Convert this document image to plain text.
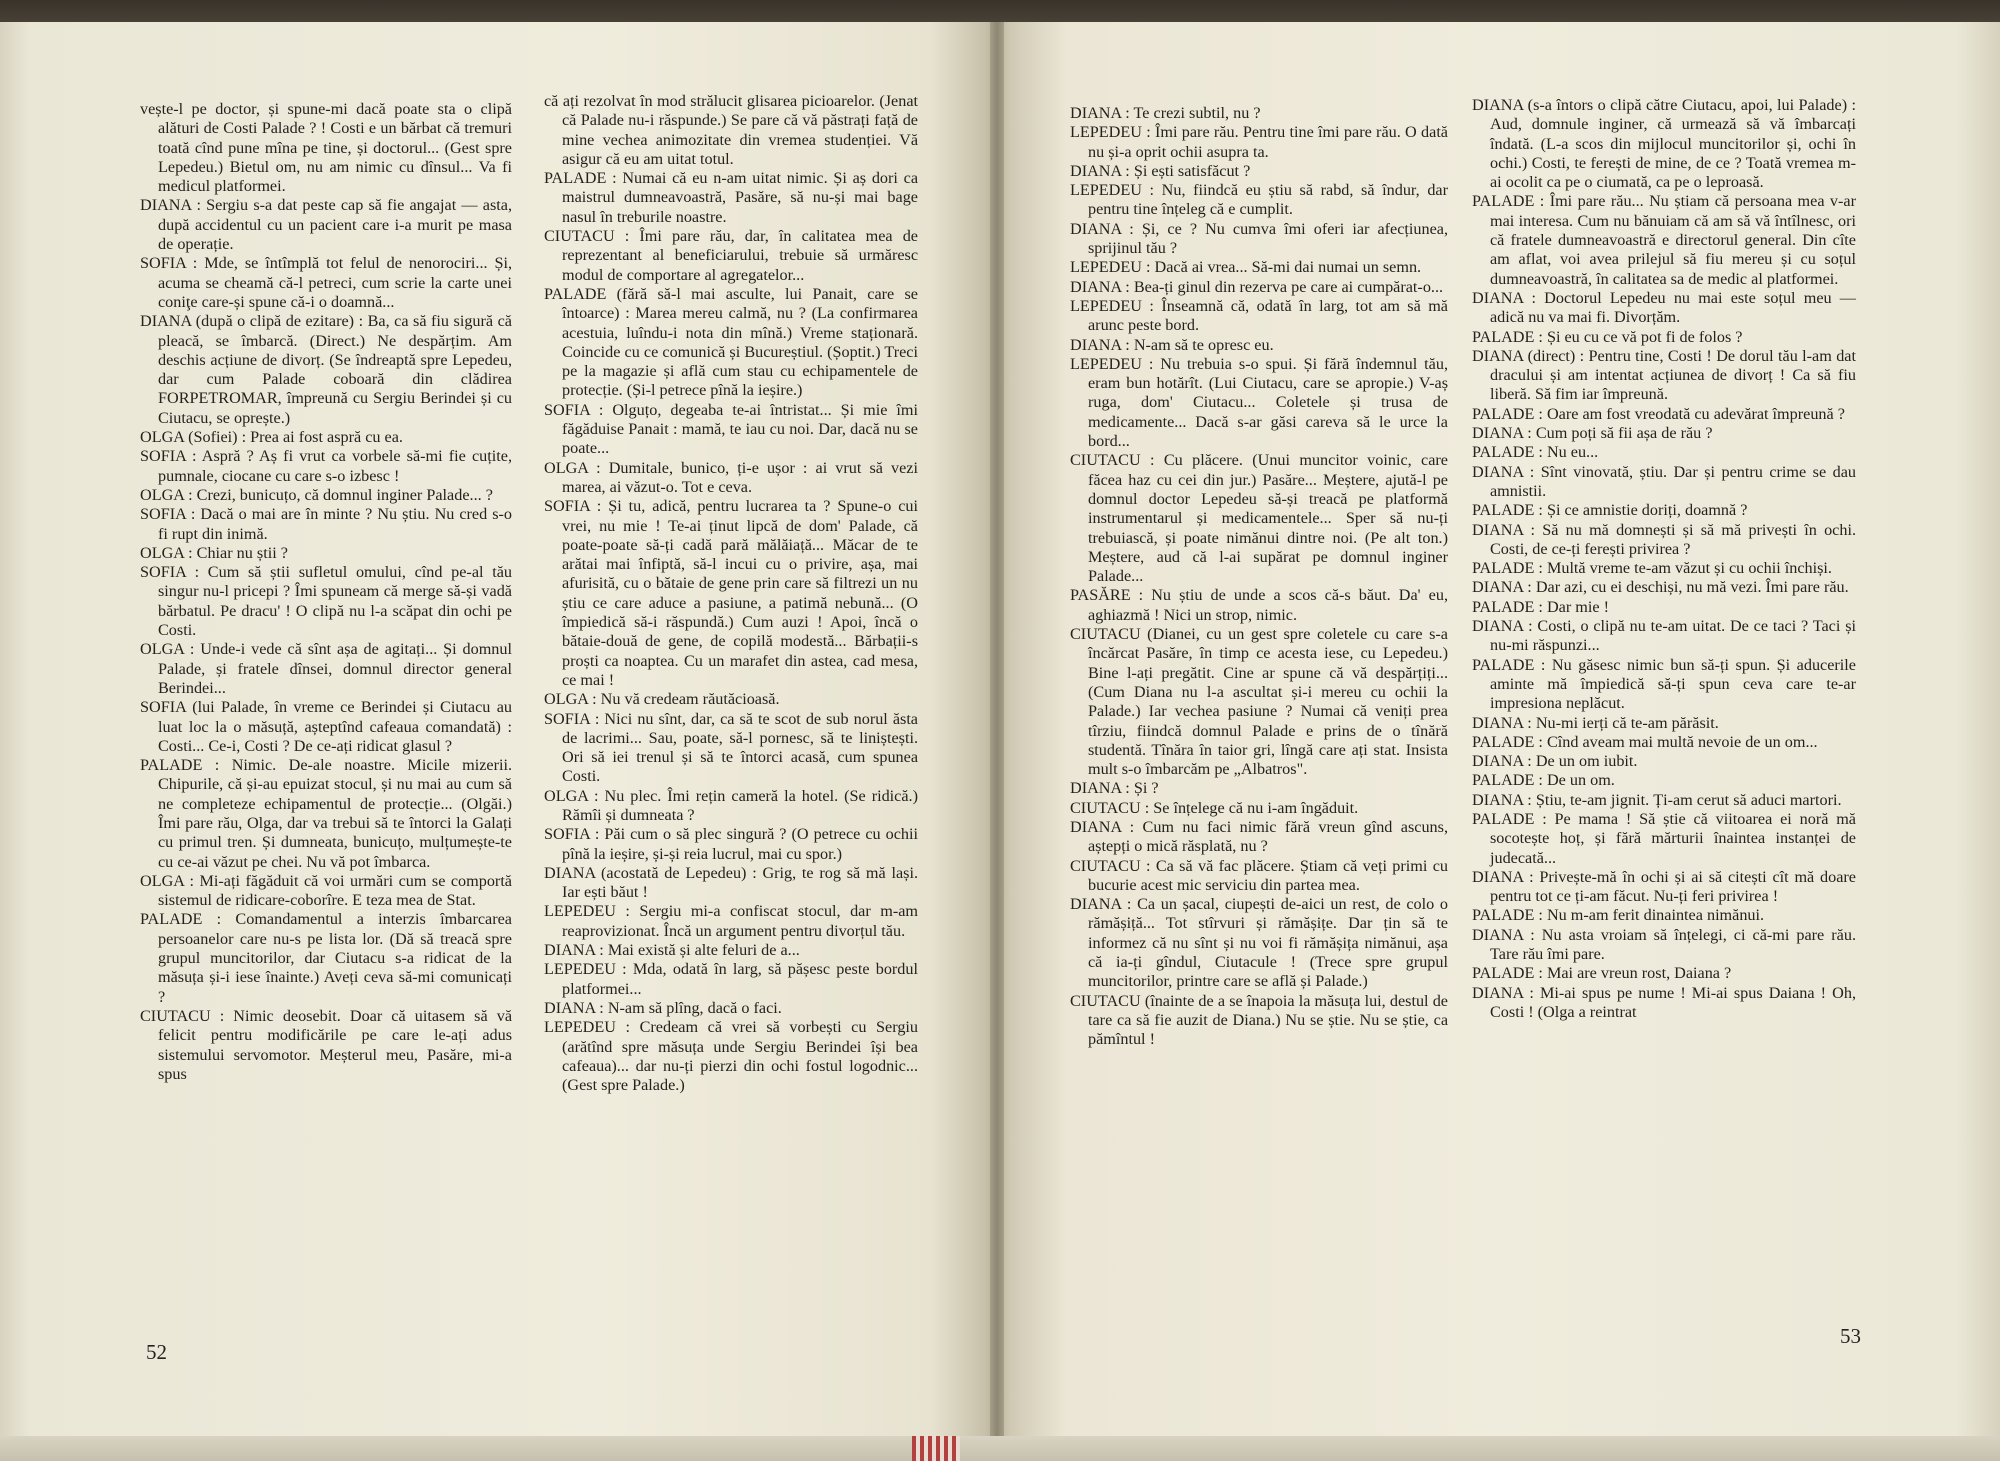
vește-l pe doctor, și spune-mi dacă poate sta o clipă alături de Costi Palade ? ! Costi e un bărbat că tremuri toată cînd pune mîna pe tine, și doctorul... (Gest spre Lepedeu.) Bietul om, nu am nimic cu dînsul... Va fi medicul platformei.

DIANA : Sergiu s-a dat peste cap să fie angajat — asta, după accidentul cu un pacient care i-a murit pe masa de operație.

SOFIA : Mde, se întîmplă tot felul de nenorociri... Și, acuma se cheamă că-l petreci, cum scrie la carte unei coniţe care-și spune că-i o doamnă...

DIANA (după o clipă de ezitare) : Ba, ca să fiu sigură că pleacă, se îmbarcă. (Direct.) Ne despărțim. Am deschis acțiune de divorț. (Se îndreaptă spre Lepedeu, dar cum Palade coboară din clădirea FORPETROMAR, împreună cu Sergiu Berindei și cu Ciutacu, se oprește.)

OLGA (Sofiei) : Prea ai fost aspră cu ea.

SOFIA : Aspră ? Aș fi vrut ca vorbele să-mi fie cuțite, pumnale, ciocane cu care s-o izbesc !

OLGA : Crezi, bunicuțo, că domnul inginer Palade... ?

SOFIA : Dacă o mai are în minte ? Nu știu. Nu cred s-o fi rupt din inimă.

OLGA : Chiar nu știi ?

SOFIA : Cum să știi sufletul omului, cînd pe-al tău singur nu-l pricepi ? Îmi spuneam că merge să-și vadă bărbatul. Pe dracu' ! O clipă nu l-a scăpat din ochi pe Costi.

OLGA : Unde-i vede că sînt așa de agitați... Și domnul Palade, și fratele dînsei, domnul director general Berindei...

SOFIA (lui Palade, în vreme ce Berindei și Ciutacu au luat loc la o măsuță, așteptînd cafeaua comandată) : Costi... Ce-i, Costi ? De ce-ați ridicat glasul ?

PALADE : Nimic. De-ale noastre. Micile mizerii. Chipurile, că și-au epuizat stocul, și nu mai au cum să ne completeze echipamentul de protecție... (Olgăi.) Îmi pare rău, Olga, dar va trebui să te întorci la Galați cu primul tren. Și dumneata, bunicuțo, mulțumește-te cu ce-ai văzut pe chei. Nu vă pot îmbarca.

OLGA : Mi-ați făgăduit că voi urmări cum se comportă sistemul de ridicare-coborîre. E teza mea de Stat.

PALADE : Comandamentul a interzis îmbarcarea persoanelor care nu-s pe lista lor. (Dă să treacă spre grupul muncitorilor, dar Ciutacu s-a ridicat de la măsuța și-i iese înainte.) Aveți ceva să-mi comunicați ?

CIUTACU : Nimic deosebit. Doar că uitasem să vă felicit pentru modificările pe care le-ați adus sistemului servomotor. Meșterul meu, Pasăre, mi-a spus

că ați rezolvat în mod strălucit glisarea picioarelor. (Jenat că Palade nu-i răspunde.) Se pare că vă păstrați față de mine vechea animozitate din vremea studenției. Vă asigur că eu am uitat totul.

PALADE : Numai că eu n-am uitat nimic. Și aș dori ca maistrul dumneavoastră, Pasăre, să nu-și mai bage nasul în treburile noastre.

CIUTACU : Îmi pare rău, dar, în calitatea mea de reprezentant al beneficiarului, trebuie să urmăresc modul de comportare al agregatelor...

PALADE (fără să-l mai asculte, lui Panait, care se întoarce) : Marea mereu calmă, nu ? (La confirmarea acestuia, luîndu-i nota din mînă.) Vreme staționară. Coincide cu ce comunică și Bucureștiul. (Șoptit.) Treci pe la magazie și află cum stau cu echipamentele de protecție. (Și-l petrece pînă la ieșire.)

SOFIA : Olguțo, degeaba te-ai întristat... Și mie îmi făgăduise Panait : mamă, te iau cu noi. Dar, dacă nu se poate...

OLGA : Dumitale, bunico, ți-e ușor : ai vrut să vezi marea, ai văzut-o. Tot e ceva.

SOFIA : Și tu, adică, pentru lucrarea ta ? Spune-o cui vrei, nu mie ! Te-ai ținut lipcă de dom' Palade, că poate-poate să-ți cadă pară mălăiață... Măcar de te arătai mai înfiptă, să-l incui cu o privire, așa, mai afurisită, cu o bătaie de gene prin care să filtrezi un nu știu ce care aduce a pasiune, a patimă nebună... (O împiedică să-i răspundă.) Cum auzi ! Apoi, încă o bătaie-două de gene, de copilă modestă... Bărbații-s proști ca noaptea. Cu un marafet din astea, cad mesa, ce mai !

OLGA : Nu vă credeam răutăcioasă.

SOFIA : Nici nu sînt, dar, ca să te scot de sub norul ăsta de lacrimi... Sau, poate, să-l pornesc, să te liniștești. Ori să iei trenul și să te întorci acasă, cum spunea Costi.

OLGA : Nu plec. Îmi rețin cameră la hotel. (Se ridică.) Rămîi și dumneata ?

SOFIA : Păi cum o să plec singură ? (O petrece cu ochii pînă la ieșire, și-și reia lucrul, mai cu spor.)

DIANA (acostată de Lepedeu) : Grig, te rog să mă lași. Iar ești băut !

LEPEDEU : Sergiu mi-a confiscat stocul, dar m-am reaprovizionat. Încă un argument pentru divorțul tău.

DIANA : Mai există și alte feluri de a...

LEPEDEU : Mda, odată în larg, să pășesc peste bordul platformei...

DIANA : N-am să plîng, dacă o faci.

LEPEDEU : Credeam că vrei să vorbești cu Sergiu (arătînd spre măsuța unde Sergiu Berindei își bea cafeaua)... dar nu-ți pierzi din ochi fostul logodnic... (Gest spre Palade.)

52

DIANA : Te crezi subtil, nu ?

LEPEDEU : Îmi pare rău. Pentru tine îmi pare rău. O dată nu și-a oprit ochii asupra ta.

DIANA : Și ești satisfăcut ?

LEPEDEU : Nu, fiindcă eu știu să rabd, să îndur, dar pentru tine înțeleg că e cumplit.

DIANA : Și, ce ? Nu cumva îmi oferi iar afecțiunea, sprijinul tău ?

LEPEDEU : Dacă ai vrea... Să-mi dai numai un semn.

DIANA : Bea-ți ginul din rezerva pe care ai cumpărat-o...

LEPEDEU : Înseamnă că, odată în larg, tot am să mă arunc peste bord.

DIANA : N-am să te opresc eu.

LEPEDEU : Nu trebuia s-o spui. Și fără îndemnul tău, eram bun hotărît. (Lui Ciutacu, care se apropie.) V-aș ruga, dom' Ciutacu... Coletele și trusa de medicamente... Dacă s-ar găsi careva să le urce la bord...

CIUTACU : Cu plăcere. (Unui muncitor voinic, care făcea haz cu cei din jur.) Pasăre... Meștere, ajută-l pe domnul doctor Lepedeu să-și treacă pe platformă instrumentarul și medicamentele... Sper să nu-ți trebuiască, și poate nimănui dintre noi. (Pe alt ton.) Meștere, aud că l-ai supărat pe domnul inginer Palade...

PASĂRE : Nu știu de unde a scos că-s băut. Da' eu, aghiazmă ! Nici un strop, nimic.

CIUTACU (Dianei, cu un gest spre coletele cu care s-a încărcat Pasăre, în timp ce acesta iese, cu Lepedeu.) Bine l-ați pregătit. Cine ar spune că vă despărțiți... (Cum Diana nu l-a ascultat și-i mereu cu ochii la Palade.) Iar vechea pasiune ? Numai că veniți prea tîrziu, fiindcă domnul Palade e prins de o tînără studentă. Tînăra în taior gri, lîngă care ați stat. Insista mult s-o îmbarcăm pe „Albatros".

DIANA : Și ?

CIUTACU : Se înțelege că nu i-am îngăduit.

DIANA : Cum nu faci nimic fără vreun gînd ascuns, aștepți o mică răsplată, nu ?

CIUTACU : Ca să vă fac plăcere. Știam că veți primi cu bucurie acest mic serviciu din partea mea.

DIANA : Ca un șacal, ciupești de-aici un rest, de colo o rămășiță... Tot stîrvuri și rămășițe. Dar țin să te informez că nu sînt și nu voi fi rămășița nimănui, așa că ia-ți gîndul, Ciutacule ! (Trece spre grupul muncitorilor, printre care se află și Palade.)

CIUTACU (înainte de a se înapoia la măsuța lui, destul de tare ca să fie auzit de Diana.) Nu se știe. Nu se știe, ca pămîntul !

DIANA (s-a întors o clipă către Ciutacu, apoi, lui Palade) : Aud, domnule inginer, că urmează să vă îmbarcați îndată. (L-a scos din mijlocul muncitorilor și, ochi în ochi.) Costi, te ferești de mine, de ce ? Toată vremea m-ai ocolit ca pe o ciumată, ca pe o leproasă.

PALADE : Îmi pare rău... Nu știam că persoana mea v-ar mai interesa. Cum nu bănuiam că am să vă întîlnesc, ori că fratele dumneavoastră e directorul general. Din cîte am aflat, voi avea prilejul să fiu mereu și cu soțul dumneavoastră, în calitatea sa de medic al platformei.

DIANA : Doctorul Lepedeu nu mai este soțul meu — adică nu va mai fi. Divorțăm.

PALADE : Și eu cu ce vă pot fi de folos ?

DIANA (direct) : Pentru tine, Costi ! De dorul tău l-am dat dracului și am intentat acțiunea de divorț ! Ca să fiu liberă. Să fim iar împreună.

PALADE : Oare am fost vreodată cu adevărat împreună ?

DIANA : Cum poți să fii așa de rău ?

PALADE : Nu eu...

DIANA : Sînt vinovată, știu. Dar și pentru crime se dau amnistii.

PALADE : Și ce amnistie doriți, doamnă ?

DIANA : Să nu mă domnești și să mă privești în ochi. Costi, de ce-ți ferești privirea ?

PALADE : Multă vreme te-am văzut și cu ochii închiși.

DIANA : Dar azi, cu ei deschiși, nu mă vezi. Îmi pare rău.

PALADE : Dar mie !

DIANA : Costi, o clipă nu te-am uitat. De ce taci ? Taci și nu-mi răspunzi...

PALADE : Nu găsesc nimic bun să-ți spun. Și aducerile aminte mă împiedică să-ți spun ceva care te-ar impresiona neplăcut.

DIANA : Nu-mi ierți că te-am părăsit.

PALADE : Cînd aveam mai multă nevoie de un om...

DIANA : De un om iubit.

PALADE : De un om.

DIANA : Știu, te-am jignit. Ți-am cerut să aduci martori.

PALADE : Pe mama ! Să știe că viitoarea ei noră mă socotește hoț, și fără mărturii înaintea instanței de judecată...

DIANA : Privește-mă în ochi și ai să citești cît mă doare pentru tot ce ți-am făcut. Nu-ți feri privirea !

PALADE : Nu m-am ferit dinaintea nimănui.

DIANA : Nu asta vroiam să înțelegi, ci că-mi pare rău. Tare rău îmi pare.

PALADE : Mai are vreun rost, Daiana ?

DIANA : Mi-ai spus pe nume ! Mi-ai spus Daiana ! Oh, Costi ! (Olga a reintrat

53
